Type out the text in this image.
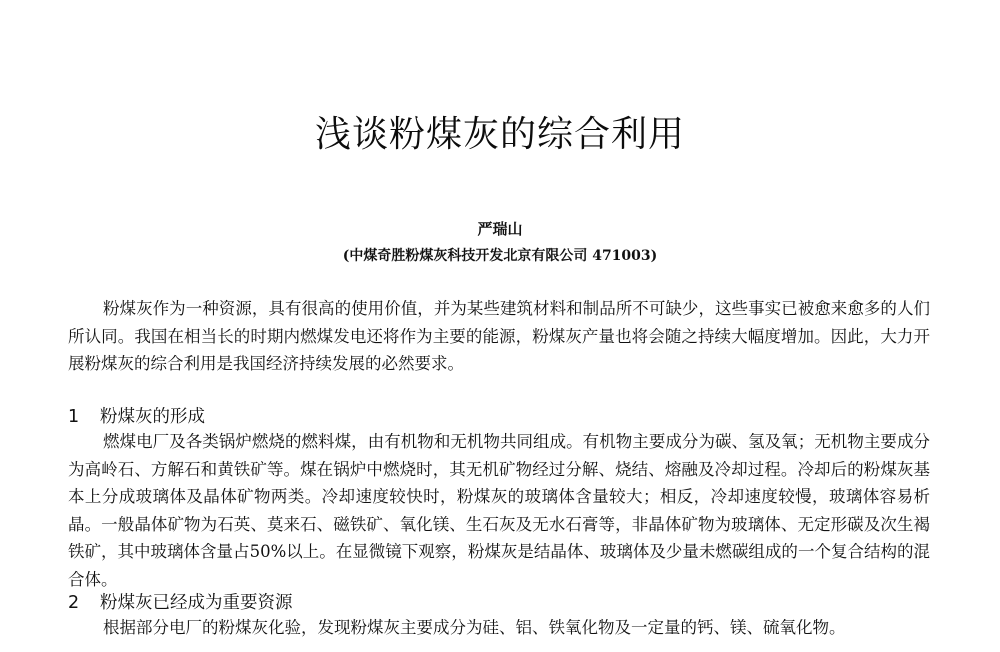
浅谈粉煤灰的综合利用
严瑞山
(中煤奇胜粉煤灰科技开发北京有限公司 471003)

粉煤灰作为一种资源，具有很高的使用价值，并为某些建筑材料和制品所不可缺少，这些事实已被愈来愈多的人们所认同。我国在相当长的时期内燃煤发电还将作为主要的能源，粉煤灰产量也将会随之持续大幅度增加。因此，大力开展粉煤灰的综合利用是我国经济持续发展的必然要求。

1 粉煤灰的形成

燃煤电厂及各类锅炉燃烧的燃料煤，由有机物和无机物共同组成。有机物主要成分为碳、氢及氧；无机物主要成分为高岭石、方解石和黄铁矿等。煤在锅炉中燃烧时，其无机矿物经过分解、烧结、熔融及冷却过程。冷却后的粉煤灰基本上分成玻璃体及晶体矿物两类。冷却速度较快时，粉煤灰的玻璃体含量较大；相反，冷却速度较慢，玻璃体容易析晶。一般晶体矿物为石英、莫来石、磁铁矿、氧化镁、生石灰及无水石膏等，非晶体矿物为玻璃体、无定形碳及次生褐铁矿，其中玻璃体含量占50%以上。在显微镜下观察，粉煤灰是结晶体、玻璃体及少量未燃碳组成的一个复合结构的混合体。

2 粉煤灰已经成为重要资源

根据部分电厂的粉煤灰化验，发现粉煤灰主要成分为硅、铝、铁氧化物及一定量的钙、镁、硫氧化物。
